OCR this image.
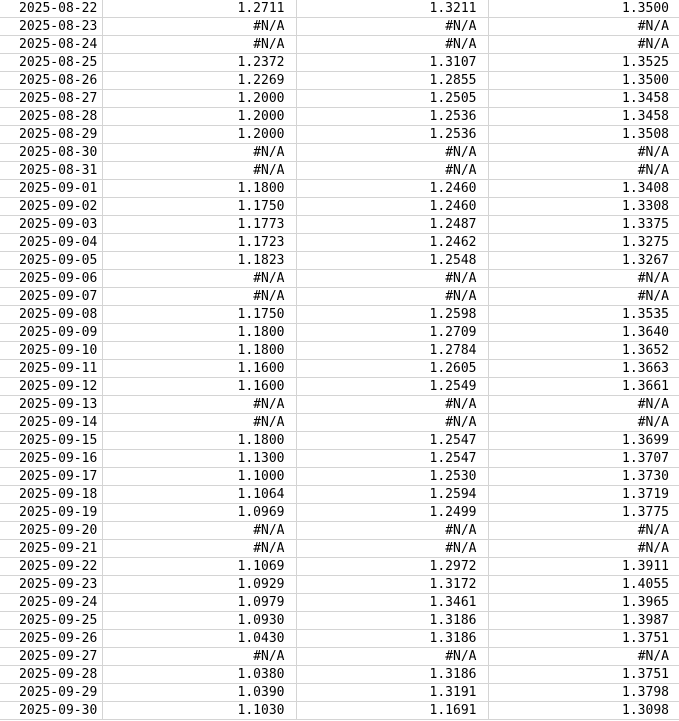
2025-08-22	1.2711	1.3211	1.3500
2025-08-23	#N/A	#N/A	#N/A
2025-08-24	#N/A	#N/A	#N/A
2025-08-25	1.2372	1.3107	1.3525
2025-08-26	1.2269	1.2855	1.3500
2025-08-27	1.2000	1.2505	1.3458
2025-08-28	1.2000	1.2536	1.3458
2025-08-29	1.2000	1.2536	1.3508
2025-08-30	#N/A	#N/A	#N/A
2025-08-31	#N/A	#N/A	#N/A
2025-09-01	1.1800	1.2460	1.3408
2025-09-02	1.1750	1.2460	1.3308
2025-09-03	1.1773	1.2487	1.3375
2025-09-04	1.1723	1.2462	1.3275
2025-09-05	1.1823	1.2548	1.3267
2025-09-06	#N/A	#N/A	#N/A
2025-09-07	#N/A	#N/A	#N/A
2025-09-08	1.1750	1.2598	1.3535
2025-09-09	1.1800	1.2709	1.3640
2025-09-10	1.1800	1.2784	1.3652
2025-09-11	1.1600	1.2605	1.3663
2025-09-12	1.1600	1.2549	1.3661
2025-09-13	#N/A	#N/A	#N/A
2025-09-14	#N/A	#N/A	#N/A
2025-09-15	1.1800	1.2547	1.3699
2025-09-16	1.1300	1.2547	1.3707
2025-09-17	1.1000	1.2530	1.3730
2025-09-18	1.1064	1.2594	1.3719
2025-09-19	1.0969	1.2499	1.3775
2025-09-20	#N/A	#N/A	#N/A
2025-09-21	#N/A	#N/A	#N/A
2025-09-22	1.1069	1.2972	1.3911
2025-09-23	1.0929	1.3172	1.4055
2025-09-24	1.0979	1.3461	1.3965
2025-09-25	1.0930	1.3186	1.3987
2025-09-26	1.0430	1.3186	1.3751
2025-09-27	#N/A	#N/A	#N/A
2025-09-28	1.0380	1.3186	1.3751
2025-09-29	1.0390	1.3191	1.3798
2025-09-30	1.1030	1.1691	1.3098
